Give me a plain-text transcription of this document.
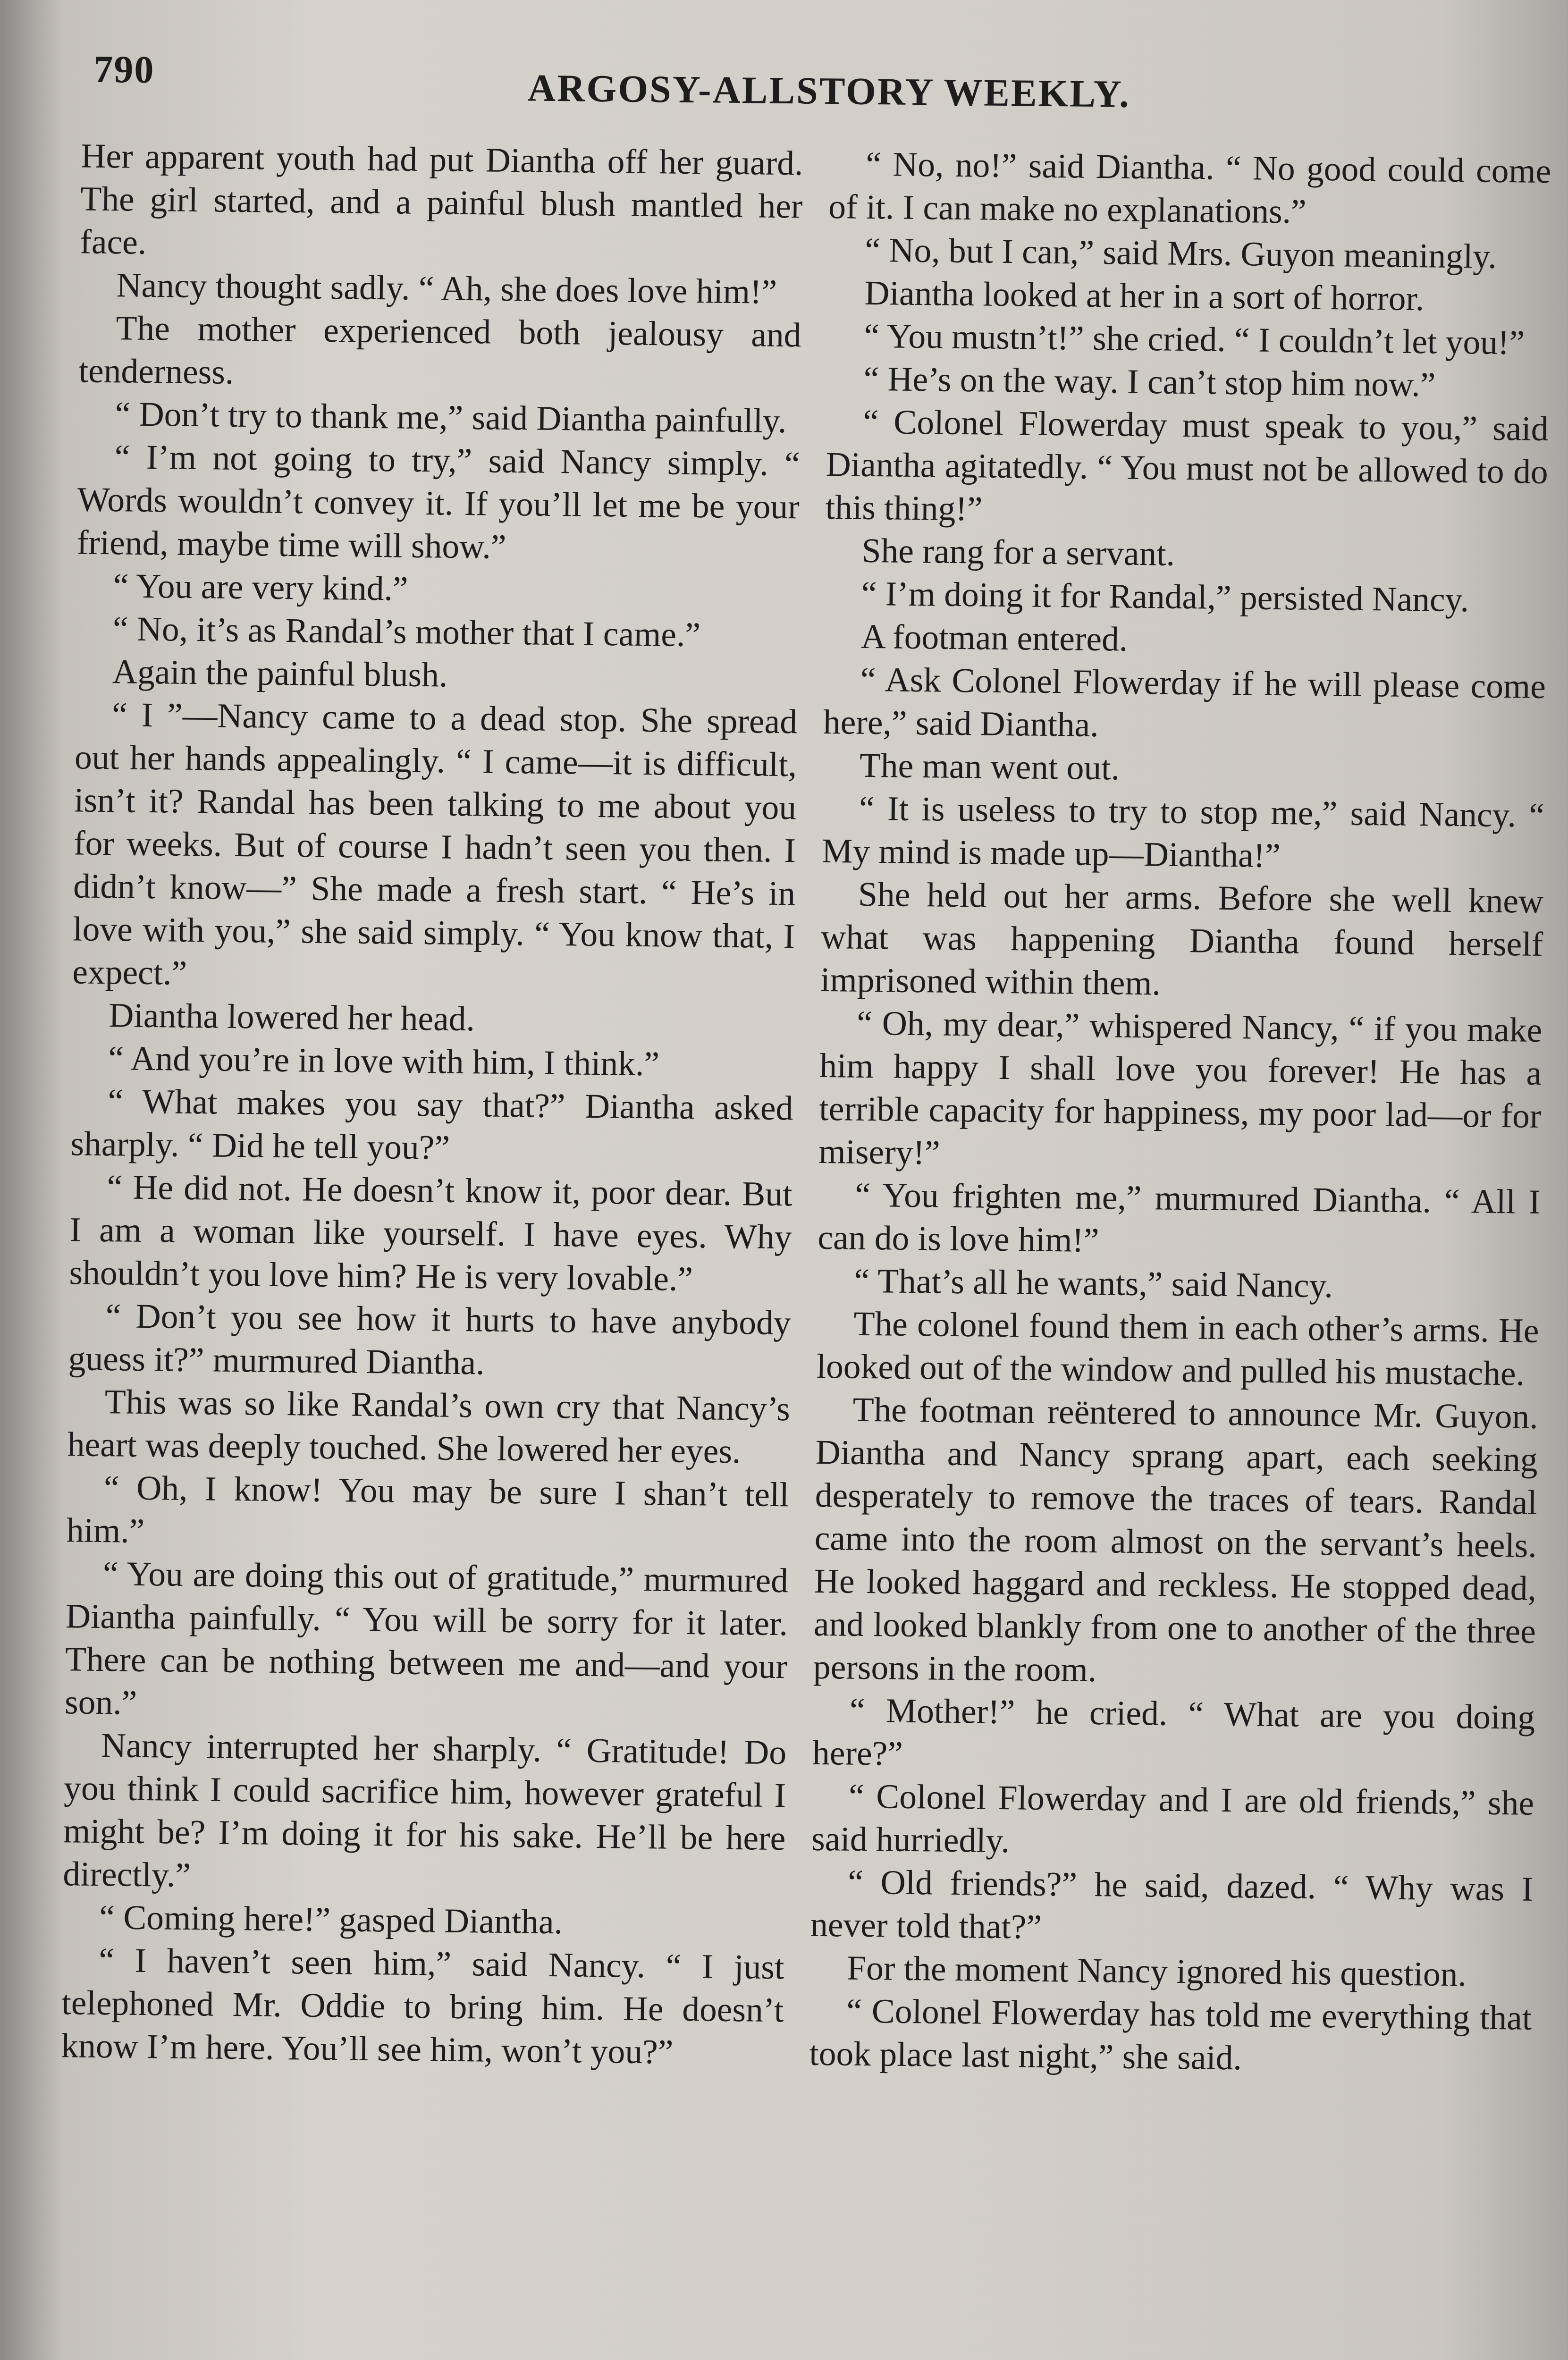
790	ARGOSY-ALLSTORY WEEKLY.

Her apparent youth had put Diantha off her guard. The girl started, and a painful blush mantled her face.

Nancy thought sadly. “ Ah, she does love him!”

The mother experienced both jealousy and tenderness.

“ Don’t try to thank me,” said Diantha painfully.

“ I’m not going to try,” said Nancy simply. “ Words wouldn’t convey it. If you’ll let me be your friend, maybe time will show.”

“ You are very kind.”

“ No, it’s as Randal’s mother that I came.”

Again the painful blush.

“ I ”—Nancy came to a dead stop. She spread out her hands appealingly. “ I came—it is difficult, isn’t it? Randal has been talking to me about you for weeks. But of course I hadn’t seen you then. I didn’t know—” She made a fresh start. “ He’s in love with you,” she said simply. “ You know that, I expect.”

Diantha lowered her head.

“ And you’re in love with him, I think.”

“ What makes you say that?” Diantha asked sharply. “ Did he tell you?”

“ He did not. He doesn’t know it, poor dear. But I am a woman like yourself. I have eyes. Why shouldn’t you love him? He is very lovable.”

“ Don’t you see how it hurts to have anybody guess it?” murmured Diantha.

This was so like Randal’s own cry that Nancy’s heart was deeply touched. She lowered her eyes.

“ Oh, I know! You may be sure I shan’t tell him.”

“ You are doing this out of gratitude,” murmured Diantha painfully. “ You will be sorry for it later. There can be nothing between me and—and your son.”

Nancy interrupted her sharply. “ Gratitude! Do you think I could sacrifice him, however grateful I might be? I’m doing it for his sake. He’ll be here directly.”

“ Coming here!” gasped Diantha.

“ I haven’t seen him,” said Nancy. “ I just telephoned Mr. Oddie to bring him. He doesn’t know I’m here. You’ll see him, won’t you?”

“ No, no!” said Diantha. “ No good could come of it. I can make no explanations.”

“ No, but I can,” said Mrs. Guyon meaningly.

Diantha looked at her in a sort of horror.

“ You mustn’t!” she cried. “ I couldn’t let you!”

“ He’s on the way. I can’t stop him now.”

“ Colonel Flowerday must speak to you,” said Diantha agitatedly. “ You must not be allowed to do this thing!”

She rang for a servant.

“ I’m doing it for Randal,” persisted Nancy.

A footman entered.

“ Ask Colonel Flowerday if he will please come here,” said Diantha.

The man went out.

“ It is useless to try to stop me,” said Nancy. “ My mind is made up—Diantha!”

She held out her arms. Before she well knew what was happening Diantha found herself imprisoned within them.

“ Oh, my dear,” whispered Nancy, “ if you make him happy I shall love you forever! He has a terrible capacity for happiness, my poor lad—or for misery!”

“ You frighten me,” murmured Diantha. “ All I can do is love him!”

“ That’s all he wants,” said Nancy.

The colonel found them in each other’s arms. He looked out of the window and pulled his mustache.

The footman reëntered to announce Mr. Guyon. Diantha and Nancy sprang apart, each seeking desperately to remove the traces of tears. Randal came into the room almost on the servant’s heels. He looked haggard and reckless. He stopped dead, and looked blankly from one to another of the three persons in the room.

“ Mother!” he cried. “ What are you doing here?”

“ Colonel Flowerday and I are old friends,” she said hurriedly.

“ Old friends?” he said, dazed. “ Why was I never told that?”

For the moment Nancy ignored his question.

“ Colonel Flowerday has told me everything that took place last night,” she said.
